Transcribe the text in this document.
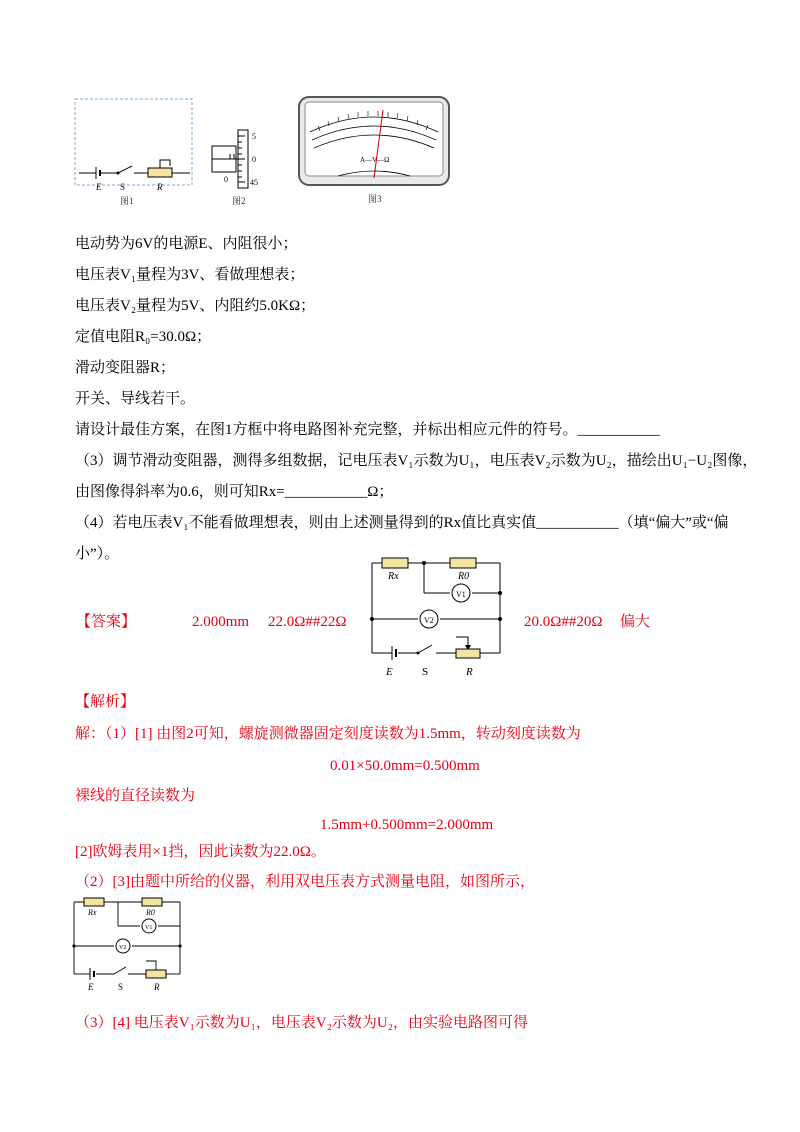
E S	R
图1
5
0
45
0
图2
A—V—Ω
图3
电动势为6V的电源E、内阻很小；
电压表V₁量程为3V、看做理想表；
电压表V₂量程为5V、内阻约5.0KΩ；
定值电阻R₀=30.0Ω；
滑动变阻器R；
开关、导线若干。
请设计最佳方案，在图1方框中将电路图补充完整，并标出相应元件的符号。___________
（3）调节滑动变阻器，测得多组数据，记电压表V₁示数为U₁，电压表V₂示数为U₂，描绘出U₁−U₂图像，
由图像得斜率为0.6，则可知Rx=___________Ω；
（4）若电压表V₁不能看做理想表，则由上述测量得到的Rx值比真实值___________（填“偏大”或“偏
小”）。
【答案】	2.000mm 22.0Ω##22Ω	20.0Ω##20Ω 偏大
Rx	R0
V1
V2
E	S	R
【解析】
解：（1）[1] 由图2可知，螺旋测微器固定刻度读数为1.5mm，转动刻度读数为
0.01×50.0mm=0.500mm
裸线的直径读数为
1.5mm+0.500mm=2.000mm
[2]欧姆表用×1挡，因此读数为22.0Ω。
（2）[3]由题中所给的仪器，利用双电压表方式测量电阻，如图所示，
Rx	R0
V1
V2
E	S	R
（3）[4] 电压表V₁示数为U₁，电压表V₂示数为U₂，由实验电路图可得
